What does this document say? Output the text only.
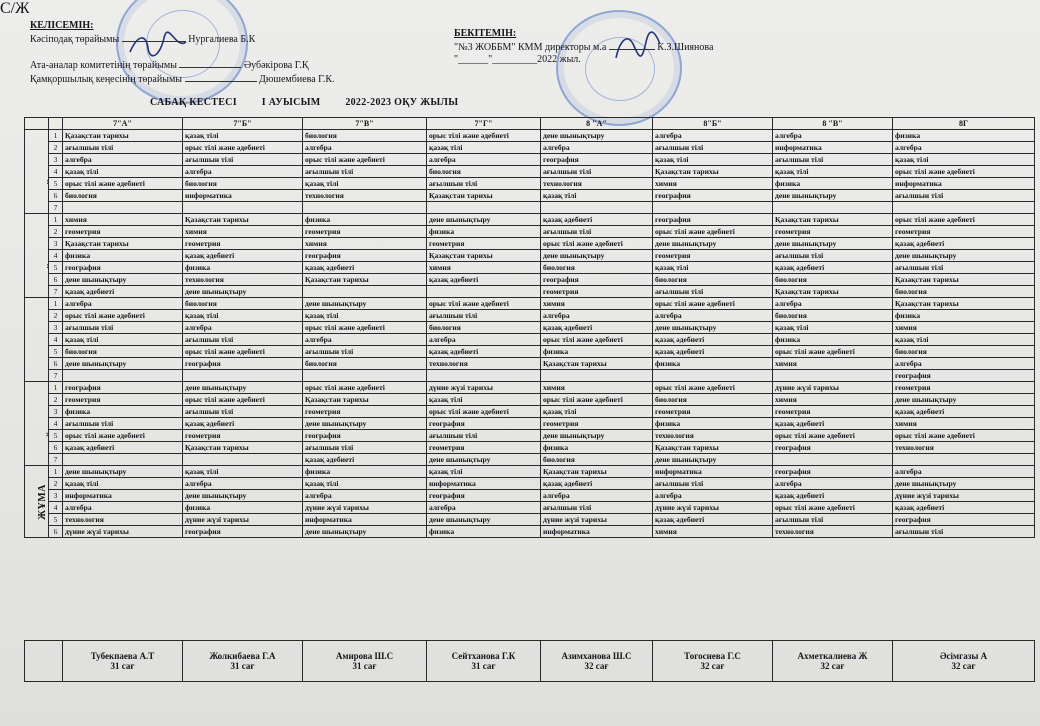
КЕЛІСЕМІН:
Кәсіподақ төрайымы	Нургалиева Б.К
Ата-аналар комитетінің төрайымы	Әубәкірова Г.Қ
Қамқоршылық кеңесінің төрайымы	Дюшембиева Г.К.
БЕКІТЕМІН:
"№3 ЖОББМ" КММ директоры м.а	К.З.Шиянова
"______"_________2022 жыл.
САБАҚ КЕСТЕСІ І АУЫСЫМ 2022-2023 ОҚУ ЖЫЛЫ
		7"А"	7"Б"	7"В"	7"Г"	8 "А"	8"Б"	8 "В"	8Г
	1	Қазақстан тарихы	қазақ тілі	биология	орыс тілі және әдебиеті	дене шынықтыру	алгебра	алгебра	физика
	2	ағылшын тілі	орыс тілі және әдебиеті	алгебра	қазақ тілі	алгебра	ағылшын тілі	информатика	алгебра
	3	алгебра	ағылшын тілі	орыс тілі және әдебиеті	алгебра	география	қазақ тілі	ағылшын тілі	қазақ тілі
	4	қазақ тілі	алгебра	ағылшын тілі	биология	ағылшын тілі	Қазақстан тарихы	қазақ тілі	орыс тілі және әдебиеті
	5	орыс тілі және әдебиеті	биология	қазақ тілі	ағылшын тілі	технология	химия	физика	информатика
	6	биология	информатика	технология	Қазақстан тарихы	қазақ тілі	география	дене шынықтыру	ағылшын тілі
	7								
	1	химия	Қазақстан тарихы	физика	дене шынықтыру	қазақ әдебиеті	география	Қазақстан тарихы	орыс тілі және әдебиеті
	2	геометрия	химия	геометрия	физика	ағылшын тілі	орыс тілі және әдебиеті	геометрия	геометрия
	3	Қазақстан тарихы	геометрия	химия	геометрия	орыс тілі және әдебиеті	дене шынықтыру	дене шынықтыру	қазақ әдебиеті
	4	физика	қазақ әдебиеті	география	Қазақстан тарихы	дене шынықтыру	геометрия	ағылшын тілі	дене шынықтыру
	5	география	физика	қазақ әдебиеті	химия	биология	қазақ тілі	қазақ әдебиеті	ағылшын тілі
	6	дене шынықтыру	технология	Қазақстан тарихы	қазақ әдебиеті	география	биология	биология	Қазақстан тарихы
	7	қазақ әдебиеті	дене шынықтыру			геометрия	ағылшын тілі	Қазақстан тарихы	биология
	1	алгебра	биология	дене шынықтыру	орыс тілі және әдебиеті	химия	орыс тілі және әдебиеті	алгебра	Қазақстан тарихы
	2	орыс тілі және әдебиеті	қазақ тілі	қазақ тілі	ағылшын тілі	алгебра	алгебра	биология	физика
	3	ағылшын тілі	алгебра	орыс тілі және әдебиеті	биология	қазақ әдебиеті	дене шынықтыру	қазақ тілі	химия
	4	қазақ тілі	ағылшын тілі	алгебра	алгебра	орыс тілі және әдебиеті	қазақ әдебиеті	физика	қазақ тілі
	5	биология	орыс тілі және әдебиеті	ағылшын тілі	қазақ әдебиеті	физика	қазақ әдебиеті	орыс тілі және әдебиеті	биология
	6	дене шынықтыру	география	биология	технология	Қазақстан тарихы	физика	химия	алгебра
	7								география
	1	география	дене шынықтыру	орыс тілі және әдебиеті	дүние жүзі тарихы	химия	орыс тілі және әдебиеті	дүние жүзі тарихы	геометрия
	2	геометрия	орыс тілі және әдебиеті	Қазақстан тарихы	қазақ тілі	орыс тілі және әдебиеті	биология	химия	дене шынықтыру
	3	физика	ағылшын тілі	геометрия	орыс тілі және әдебиеті	қазақ тілі	геометрия	геометрия	қазақ әдебиеті
	4	ағылшын тілі	қазақ әдебиеті	дене шынықтыру	география	геометрия	физика	қазақ әдебиеті	химия
	5	орыс тілі және әдебиеті	геометрия	география	ағылшын тілі	дене шынықтыру	технология	орыс тілі және әдебиеті	орыс тілі және әдебиеті
	6	қазақ әдебиеті	Қазақстан тарихы	ағылшын тілі	геометрия	физика	Қазақстан тарихы	география	технология
	7			қазақ әдебиеті	дене шынықтыру	биология	дене шынықтыру		
ЖҰМА	1	дене шынықтыру	қазақ тілі	физика	қазақ тілі	Қазақстан тарихы	информатика	география	алгебра
	2	қазақ тілі	алгебра	қазақ тілі	информатика	қазақ әдебиеті	ағылшын тілі	алгебра	дене шынықтыру
	3	информатика	дене шынықтыру	алгебра	география	алгебра	алгебра	қазақ әдебиеті	дүние жүзі тарихы
	4	алгебра	физика	дүние жүзі тарихы	алгебра	ағылшын тілі	дүние жүзі тарихы	орыс тілі және әдебиеті	қазақ әдебиеті
	5	технология	дүние жүзі тарихы	информатика	дене шынықтыру	дүние жүзі тарихы	қазақ әдебиеті	ағылшын тілі	география
	6	дүние жүзі тарихы	география	дене шынықтыру	физика	информатика	химия	технология	ағылшын тілі

Тубекпаева А.Т
31 сағ

Жолкибаева Г.А
31 сағ

Амирова Ш.С
31 сағ

Сейтханова Г.К
31 сағ

Азимханова Ш.С
32 сағ

Тогосиева Г.С
32 сағ

Ахметкалиева Ж
32 сағ

Әсімгазы А
32 сағ
С/Ж
